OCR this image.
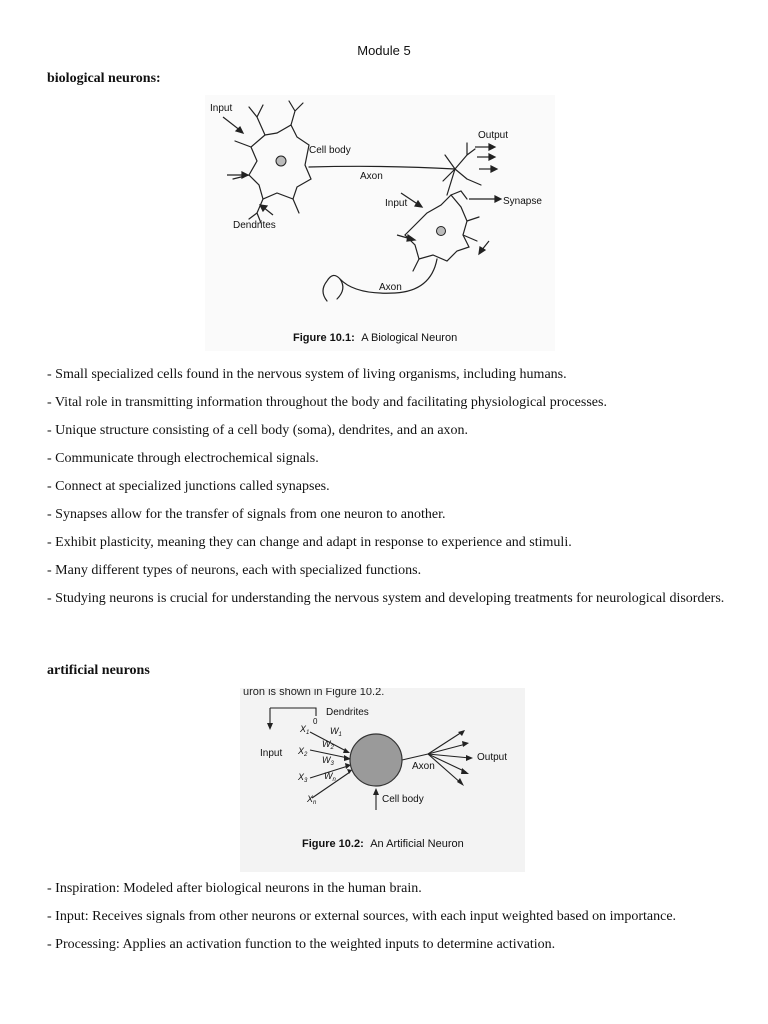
Module 5
biological neurons:
Input
Cell body
Output
Axon
Input	Synapse
Dendrites
Axon
Figure 10.1: A Biological Neuron
- Small specialized cells found in the nervous system of living organisms, including humans.
- Vital role in transmitting information throughout the body and facilitating physiological processes.
- Unique structure consisting of a cell body (soma), dendrites, and an axon.
- Communicate through electrochemical signals.
- Connect at specialized junctions called synapses.
- Synapses allow for the transfer of signals from one neuron to another.
- Exhibit plasticity, meaning they can change and adapt in response to experience and stimuli.
- Many different types of neurons, each with specialized functions.
- Studying neurons is crucial for understanding the nervous system and developing treatments for neurological disorders.
artificial neurons
uron is shown in Figure 10.2.
Dendrites
0
Input
Axon
Output
Cell body
$X_1$
$X_2$
$X_3$
$X_n$
$W_1$
$W_2$
$W_3$
$W_n$
Figure 10.2: An Artificial Neuron
- Inspiration: Modeled after biological neurons in the human brain.
- Input: Receives signals from other neurons or external sources, with each input weighted based on importance.
- Processing: Applies an activation function to the weighted inputs to determine activation.
